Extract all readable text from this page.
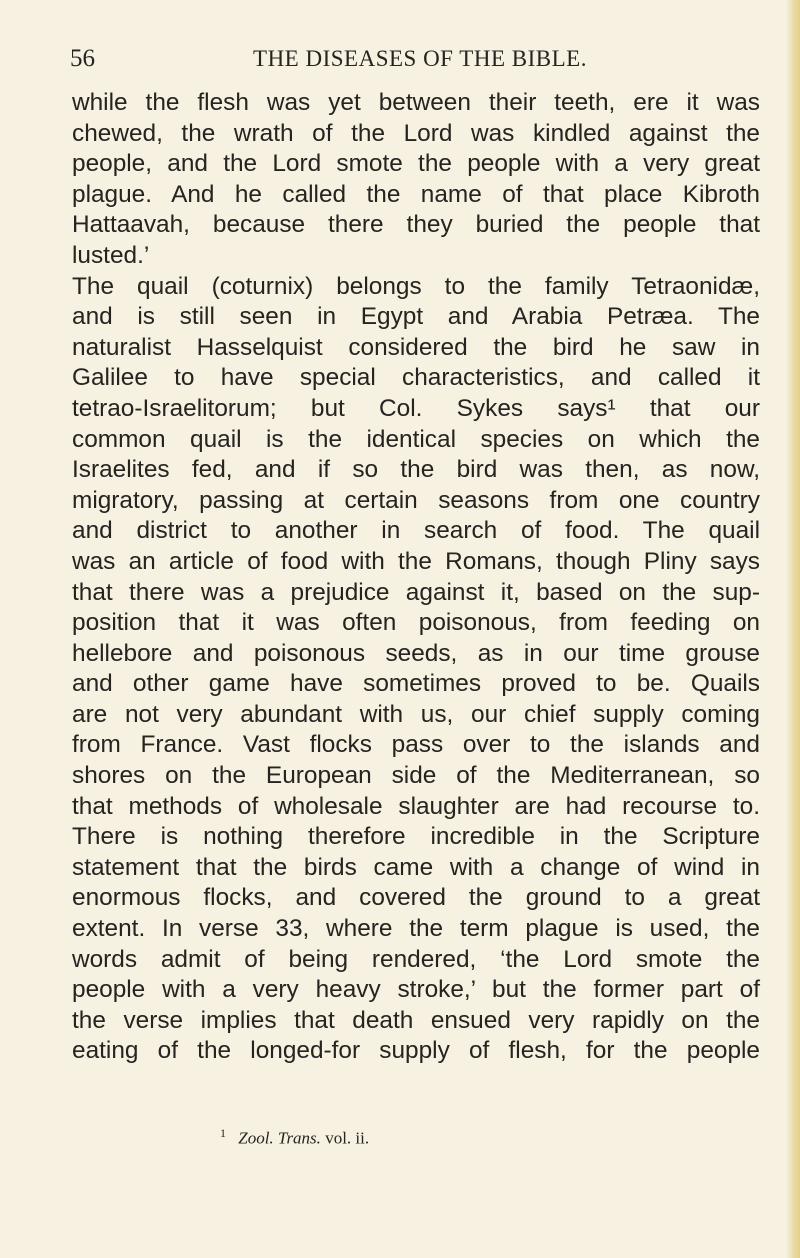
56	THE DISEASES OF THE BIBLE.
while the flesh was yet between their teeth, ere it was
chewed, the wrath of the Lord was kindled against the
people, and the Lord smote the people with a very great
plague. And he called the name of that place Kibroth
Hattaavah, because there they buried the people that
lusted.’
The quail (coturnix) belongs to the family Tetraonidæ,
and is still seen in Egypt and Arabia Petræa. The
naturalist Hasselquist considered the bird he saw in
Galilee to have special characteristics, and called it
tetrao-Israelitorum; but Col. Sykes says¹ that our
common quail is the identical species on which the
Israelites fed, and if so the bird was then, as now,
migratory, passing at certain seasons from one country
and district to another in search of food. The quail
was an article of food with the Romans, though Pliny says
that there was a prejudice against it, based on the sup-
position that it was often poisonous, from feeding on
hellebore and poisonous seeds, as in our time grouse
and other game have sometimes proved to be. Quails
are not very abundant with us, our chief supply coming
from France. Vast flocks pass over to the islands and
shores on the European side of the Mediterranean, so
that methods of wholesale slaughter are had recourse to.
There is nothing therefore incredible in the Scripture
statement that the birds came with a change of wind in
enormous flocks, and covered the ground to a great
extent. In verse 33, where the term plague is used, the
words admit of being rendered, ‘the Lord smote the
people with a very heavy stroke,’ but the former part of
the verse implies that death ensued very rapidly on the
eating of the longed-for supply of flesh, for the people
$^1$ Zool. Trans. vol. ii.
